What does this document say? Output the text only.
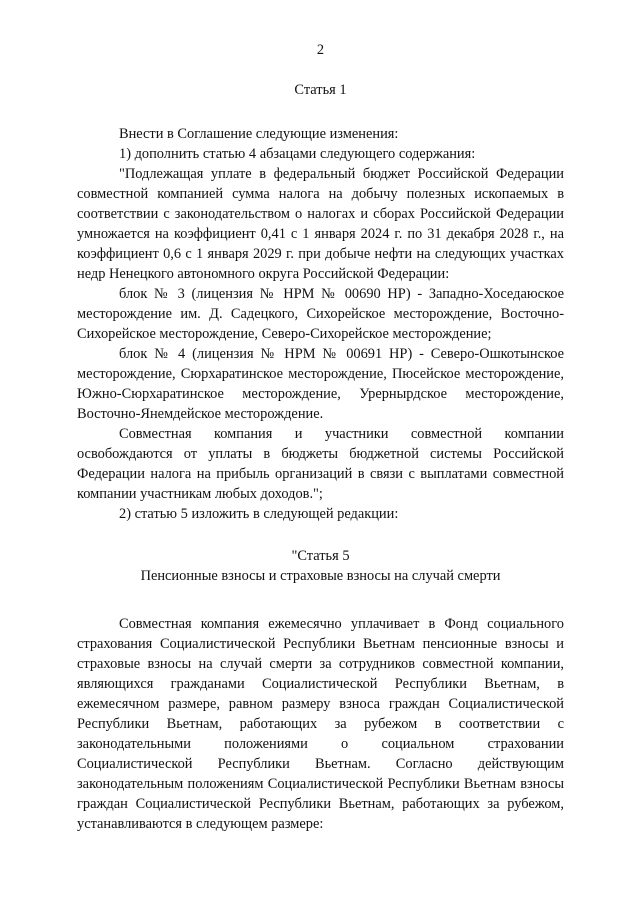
2

Статья 1

Внести в Соглашение следующие изменения:

1) дополнить статью 4 абзацами следующего содержания:

"Подлежащая уплате в федеральный бюджет Российской Федерации совместной компанией сумма налога на добычу полезных ископаемых в соответствии с законодательством о налогах и сборах Российской Федерации умножается на коэффициент 0,41 с 1 января 2024 г. по 31 декабря 2028 г., на коэффициент 0,6 с 1 января 2029 г. при добыче нефти на следующих участках недр Ненецкого автономного округа Российской Федерации:

блок № 3 (лицензия № НРМ № 00690 НР) - Западно-Хоседаюское месторождение им. Д. Садецкого, Сихорейское месторождение, Восточно-Сихорейское месторождение, Северо-Сихорейское месторождение;

блок № 4 (лицензия № НРМ № 00691 НР) - Северо-Ошкотынское месторождение, Сюрхаратинское месторождение, Пюсейское месторождение, Южно-Сюрхаратинское месторождение, Урернырдское месторождение, Восточно-Янемдейское месторождение.

Совместная компания и участники совместной компании освобождаются от уплаты в бюджеты бюджетной системы Российской Федерации налога на прибыль организаций в связи с выплатами совместной компании участникам любых доходов.";

2) статью 5 изложить в следующей редакции:

"Статья 5

Пенсионные взносы и страховые взносы на случай смерти

Совместная компания ежемесячно уплачивает в Фонд социального страхования Социалистической Республики Вьетнам пенсионные взносы и страховые взносы на случай смерти за сотрудников совместной компании, являющихся гражданами Социалистической Республики Вьетнам, в ежемесячном размере, равном размеру взноса граждан Социалистической Республики Вьетнам, работающих за рубежом в соответствии с законодательными положениями о социальном страховании Социалистической Республики Вьетнам. Согласно действующим законодательным положениям Социалистической Республики Вьетнам взносы граждан Социалистической Республики Вьетнам, работающих за рубежом, устанавливаются в следующем размере:
